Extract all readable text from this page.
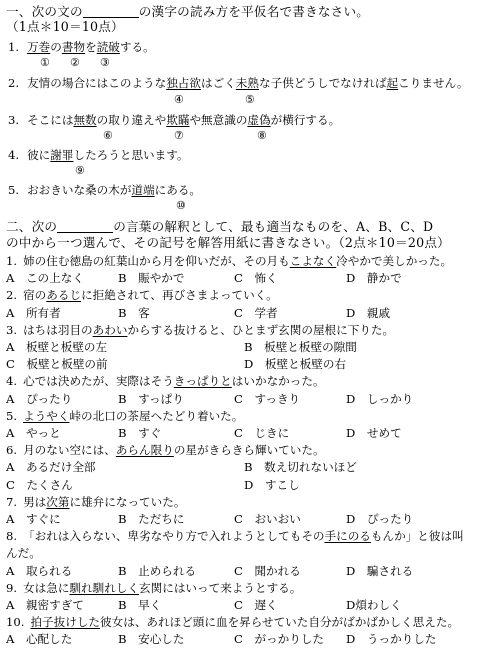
一、次の文の	の漢字の読み方を平仮名で書きなさい。
（1点＊10＝10点）
1. 万巻の書物を読破する。
① ② ③
2. 友情の場合にはこのような独占欲はごく未熟な子供どうしでなければ起こりません。
④	⑤
3. そこには無数の取り違えや欺瞞や無意識の虚偽が横行する。
⑥	⑦	⑧
4. 彼に謝罪したろうと思います。
⑨
5. おおきいな桑の木が道端にある。
⑩
二、次の	の言葉の解釈として、最も適当なものを、A、B、C、D
の中から一つ選んで、その記号を解答用紙に書きなさい。（2点＊10＝20点）
1. 姉の住む徳島の紅葉山から月を仰いだが、その月もこよなく冷やかで美しかった。
A　この上なく	B　賑やかで	C　怖く	D　静かで
2. 宿のあるじに拒絶されて、再びさまよっていく。
A　所有者	B　客	C　学者	D　親戚
3. はちは羽目のあわいからする抜けると、ひとまず玄関の屋根に下りた。
A　板壁と板壁の左	B　板壁と板壁の隙間
C　板壁と板壁の前	D　板壁と板壁の右
4. 心では決めたが、実際はそうきっぱりとはいかなかった。
A　ぴったり	B　すっぱり	C　すっきり	D　しっかり
5. ようやく峠の北口の茶屋へたどり着いた。
A　やっと	B　すぐ	C　じきに	D　せめて
6. 月のない空には、あらん限りの星がきらきら輝いていた。
A　あるだけ全部	B　数え切れないほど
C　たくさん	D　すこし
7. 男は次第に雄弁になっていた。
A　すぐに	B　ただちに	C　おいおい	D　ぴったり
8. 「おれは入らない、卑劣なやり方で入れようとしてもその手にのるもんか」と彼は叫
んだ。
A　取られる	B　止められる	C　聞かれる	D　騙される
9. 女は急に馴れ馴れしく玄関にはいって来ようとする。
A　親密すぎて	B　早く	C　遅く	D煩わしく
10. 拍子抜けした彼女は、あれほど頭に血を昇らせていた自分がばかばかしく思えた。
A　心配した	B　安心した	C　がっかりした D　うっかりした
